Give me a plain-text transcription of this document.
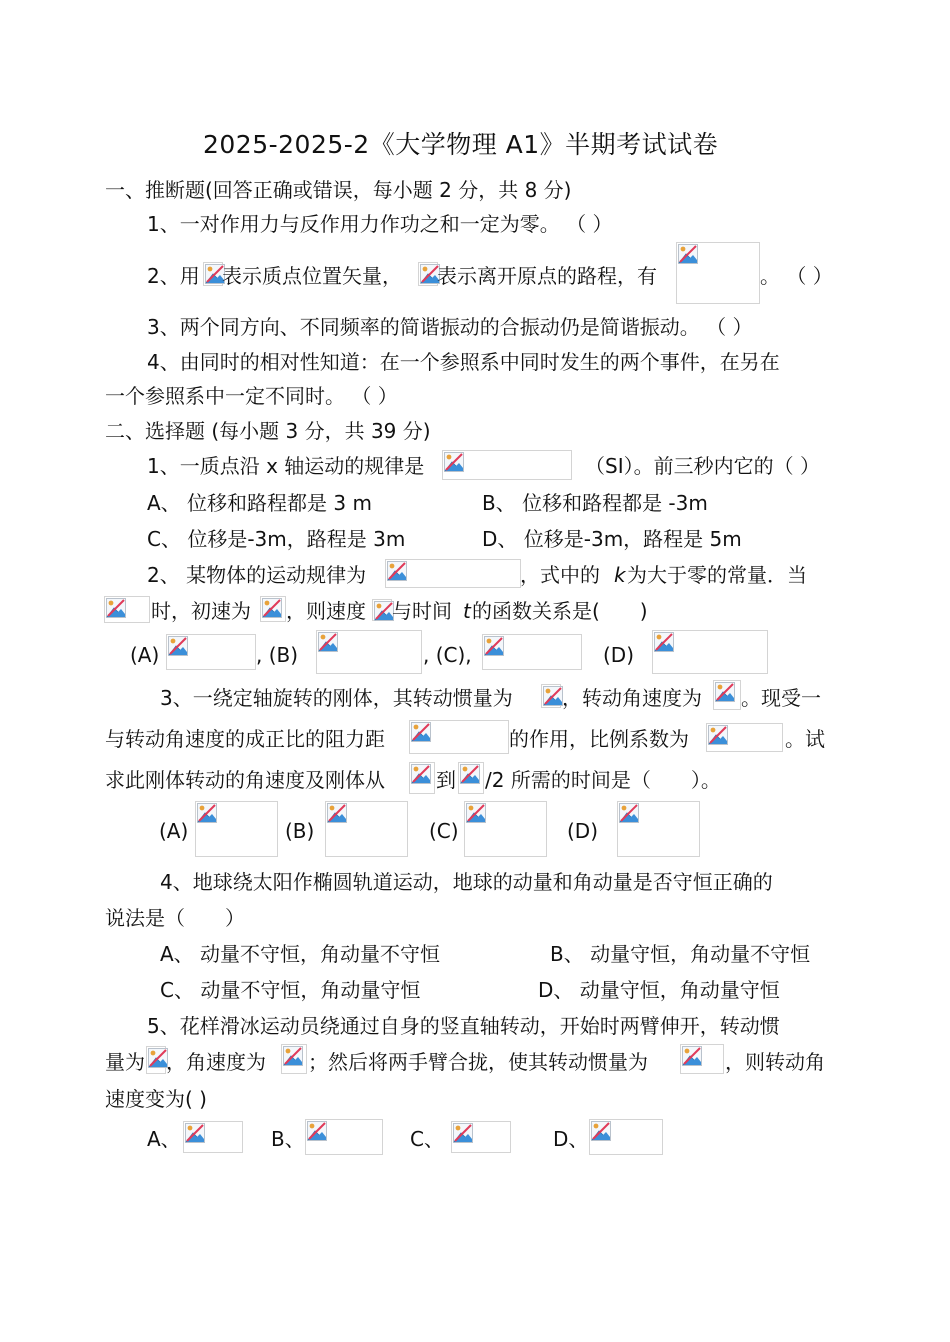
2025-2025-2《大学物理 A1》半期考试试卷
一、推断题(回答正确或错误，每小题 2 分，共 8 分)
1、一对作用力与反作用力作功之和一定为零。 （ ）
2、用 表示质点位置矢量， 表示离开原点的路程，有	。 （ ）
3、两个同方向、不同频率的简谐振动的合振动仍是简谐振动。 （ ）
4、由同时的相对性知道：在一个参照系中同时发生的两个事件，在另在
一个参照系中一定不同时。 （ ）
二、选择题 (每小题 3 分，共 39 分)
1、一质点沿 x 轴运动的规律是	（SI）。前三秒内它的（ ）
A、 位移和路程都是 3 m	B、 位移和路程都是 -3m
C、 位移是-3m，路程是 3m	D、 位移是-3m，路程是 5m
2、 某物体的运动规律为	，式中的 k 为大于零的常量．当
时，初速为 ，则速度 与时间 t 的函数关系是(　　)
(A)	, (B)	, (C),	(D)
3、一绕定轴旋转的刚体，其转动惯量为 ，转动角速度为 。现受一
与转动角速度的成正比的阻力距	的作用，比例系数为	。试
求此刚体转动的角速度及刚体从	到 /2 所需的时间是（　　）。
(A)	(B)	(C)	(D)
4、地球绕太阳作椭圆轨道运动，地球的动量和角动量是否守恒正确的
说法是（　　）
A、 动量不守恒，角动量不守恒	B、 动量守恒，角动量不守恒
C、 动量不守恒，角动量守恒	D、 动量守恒，角动量守恒
5、花样滑冰运动员绕通过自身的竖直轴转动，开始时两臂伸开，转动惯
量为 ，角速度为 ；然后将两手臂合拢，使其转动惯量为	，则转动角
速度变为( )
A、	B、	C、	D、
